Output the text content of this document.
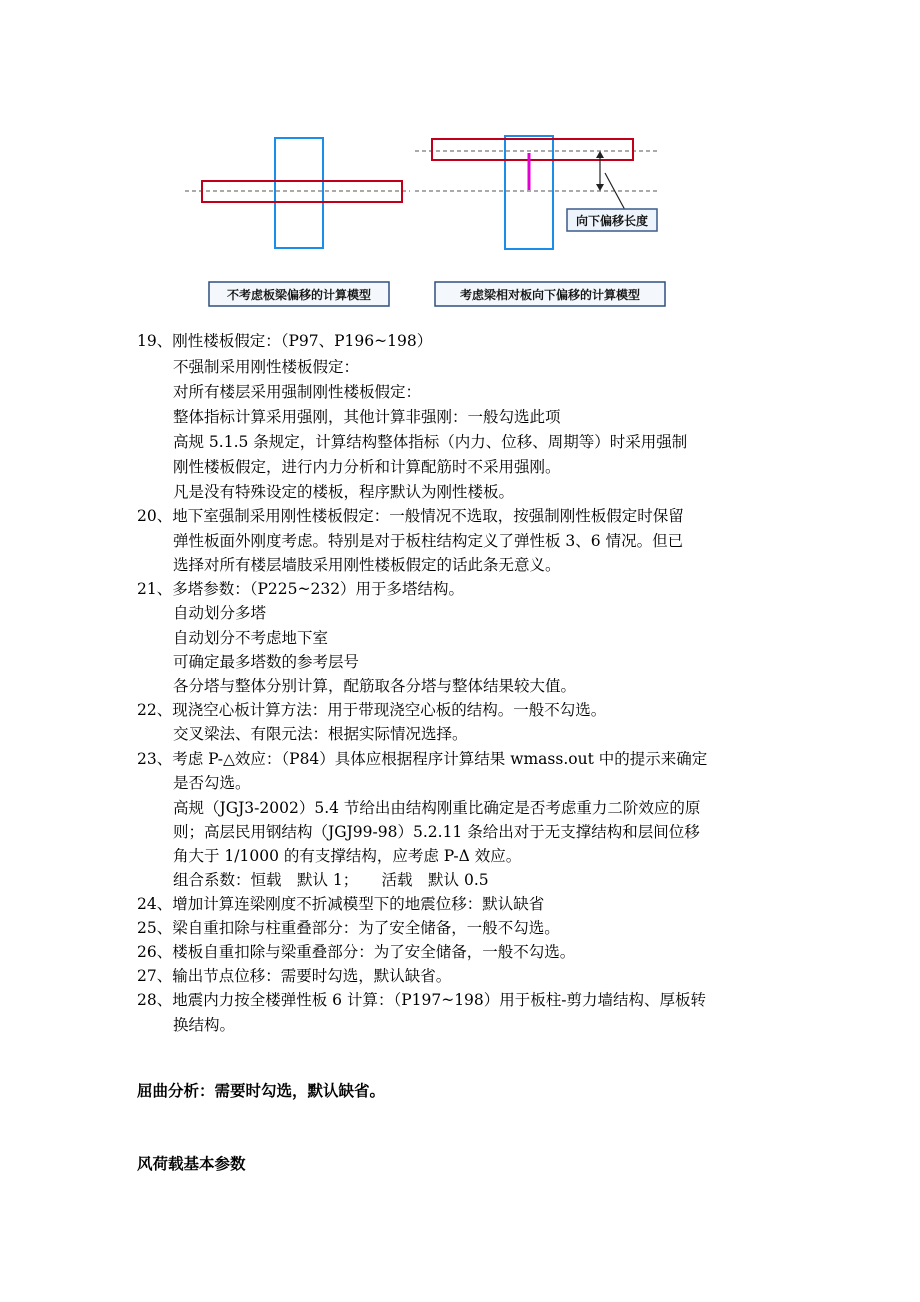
向下偏移长度
不考虑板梁偏移的计算模型	考虑梁相对板向下偏移的计算模型
19、刚性楼板假定：（P97、P196~198）
不强制采用刚性楼板假定：
对所有楼层采用强制刚性楼板假定：
整体指标计算采用强刚，其他计算非强刚：一般勾选此项
高规 5.1.5 条规定，计算结构整体指标（内力、位移、周期等）时采用强制
刚性楼板假定，进行内力分析和计算配筋时不采用强刚。
凡是没有特殊设定的楼板，程序默认为刚性楼板。
20、地下室强制采用刚性楼板假定：一般情况不选取，按强制刚性板假定时保留
弹性板面外刚度考虑。特别是对于板柱结构定义了弹性板 3、6 情况。但已
选择对所有楼层墙肢采用刚性楼板假定的话此条无意义。
21、多塔参数：（P225~232）用于多塔结构。
自动划分多塔
自动划分不考虑地下室
可确定最多塔数的参考层号
各分塔与整体分别计算，配筋取各分塔与整体结果较大值。
22、现浇空心板计算方法：用于带现浇空心板的结构。一般不勾选。
交叉梁法、有限元法：根据实际情况选择。
23、考虑 P-△效应：（P84）具体应根据程序计算结果 wmass.out 中的提示来确定
是否勾选。
高规（JGJ3-2002）5.4 节给出由结构刚重比确定是否考虑重力二阶效应的原
则；高层民用钢结构（JGJ99-98）5.2.11 条给出对于无支撑结构和层间位移
角大于 1/1000 的有支撑结构，应考虑 P-Δ 效应。
组合系数：恒载　默认 1；　　活载　默认 0.5
24、增加计算连梁刚度不折减模型下的地震位移：默认缺省
25、梁自重扣除与柱重叠部分：为了安全储备，一般不勾选。
26、楼板自重扣除与梁重叠部分：为了安全储备，一般不勾选。
27、输出节点位移：需要时勾选，默认缺省。
28、地震内力按全楼弹性板 6 计算：（P197~198）用于板柱-剪力墙结构、厚板转
换结构。
屈曲分析：需要时勾选，默认缺省。
风荷载基本参数
